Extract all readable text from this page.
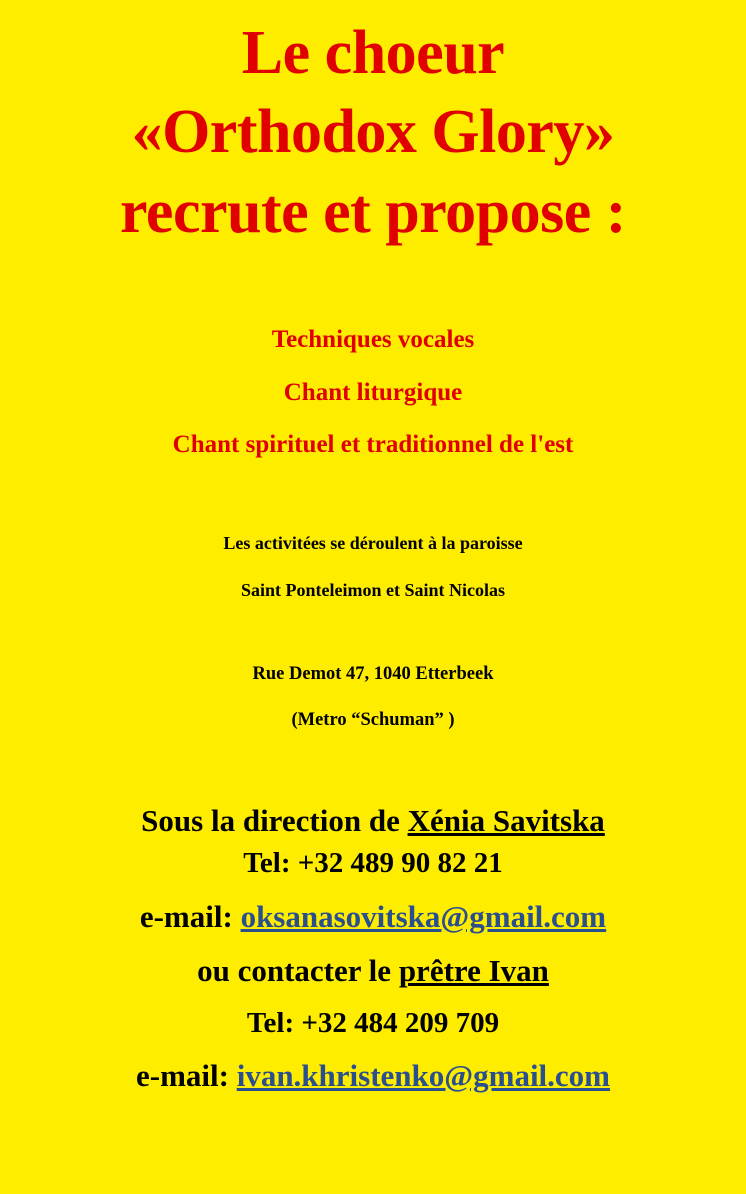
Le choeur
«Orthodox Glory»
recrute et propose :
Techniques vocales
Chant liturgique
Chant spirituel et traditionnel de l'est
Les activitées se déroulent à la paroisse
Saint Ponteleimon et Saint Nicolas
Rue Demot 47, 1040 Etterbeek
(Metro “Schuman” )
Sous la direction de Xénia Savitska
Tel: +32 489 90 82 21
e-mail: oksanasovitska@gmail.com
ou contacter le prêtre Ivan
Tel: +32 484 209 709
e-mail: ivan.khristenko@gmail.com
